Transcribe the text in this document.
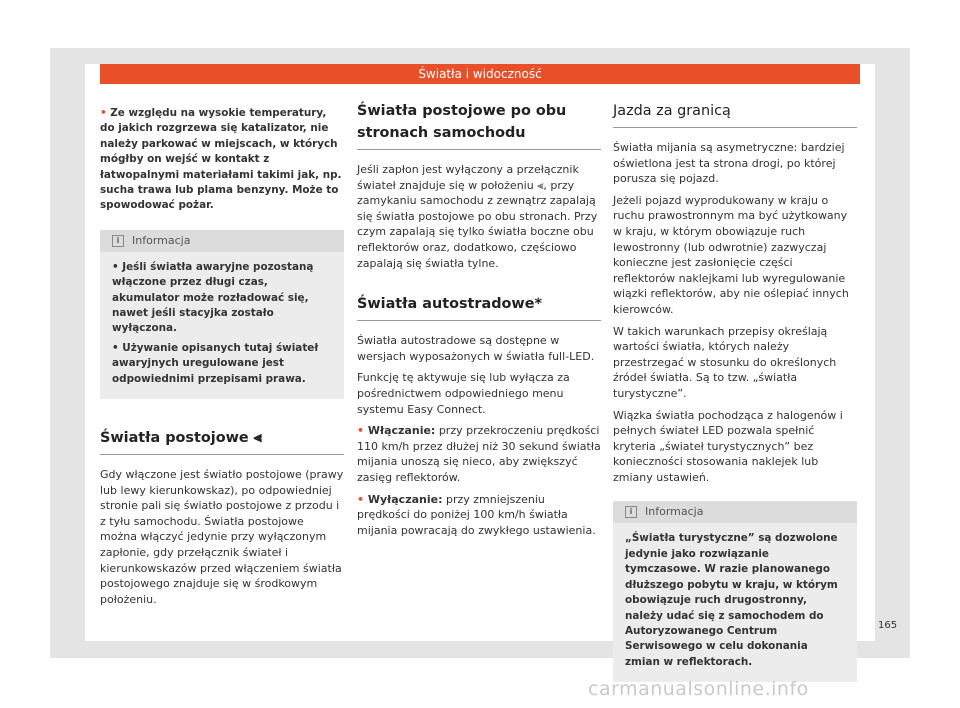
Światła i widoczność

• Ze względu na wysokie temperatury, do jakich rozgrzewa się katalizator, nie należy parkować w miejscach, w których mógłby on wejść w kontakt z łatwopalnymi materiałami takimi jak, np. sucha trawa lub plama benzyny. Może to spowodować pożar.

i Informacja

• Jeśli światła awaryjne pozostaną włączone przez długi czas, akumulator może rozładować się, nawet jeśli stacyjka zostało wyłączona.

• Używanie opisanych tutaj świateł awaryjnych uregulowane jest odpowiednimi przepisami prawa.

Światła postojowe ⫷

Gdy włączone jest światło postojowe (prawy lub lewy kierunkowskaz), po odpowiedniej stronie pali się światło postojowe z przodu i z tyłu samochodu. Światła postojowe można włączyć jedynie przy wyłączonym zapłonie, gdy przełącznik świateł i kierunkowskazów przed włączeniem światła postojowego znajduje się w środkowym położeniu.

Światła postojowe po obu stronach samochodu

Jeśli zapłon jest wyłączony a przełącznik świateł znajduje się w położeniu ⫷, przy zamykaniu samochodu z zewnątrz zapalają się światła postojowe po obu stronach. Przy czym zapalają się tylko światła boczne obu reflektorów oraz, dodatkowo, częściowo zapalają się światła tylne.

Światła autostradowe*

Światła autostradowe są dostępne w wersjach wyposażonych w światła full-LED.

Funkcję tę aktywuje się lub wyłącza za pośrednictwem odpowiedniego menu systemu Easy Connect.

• Włączanie: przy przekroczeniu prędkości 110 km/h przez dłużej niż 30 sekund światła mijania unoszą się nieco, aby zwiększyć zasięg reflektorów.

• Wyłączanie: przy zmniejszeniu prędkości do poniżej 100 km/h światła mijania powracają do zwykłego ustawienia.

Jazda za granicą

Światła mijania są asymetryczne: bardziej oświetlona jest ta strona drogi, po której porusza się pojazd.

Jeżeli pojazd wyprodukowany w kraju o ruchu prawostronnym ma być użytkowany w kraju, w którym obowiązuje ruch lewostronny (lub odwrotnie) zazwyczaj konieczne jest zasłonięcie części reflektorów naklejkami lub wyregulowanie wiązki reflektorów, aby nie oślepiać innych kierowców.

W takich warunkach przepisy określają wartości światła, których należy przestrzegać w stosunku do określonych źródeł światła. Są to tzw. „światła turystyczne”.

Wiązka światła pochodząca z halogenów i pełnych świateł LED pozwala spełnić kryteria „świateł turystycznych” bez konieczności stosowania naklejek lub zmiany ustawień.

i Informacja

„Światła turystyczne” są dozwolone jedynie jako rozwiązanie tymczasowe. W razie planowanego dłuższego pobytu w kraju, w którym obowiązuje ruch drugostronny, należy udać się z samochodem do Autoryzowanego Centrum Serwisowego w celu dokonania zmian w reflektorach.

165
carmanualsonline.info
